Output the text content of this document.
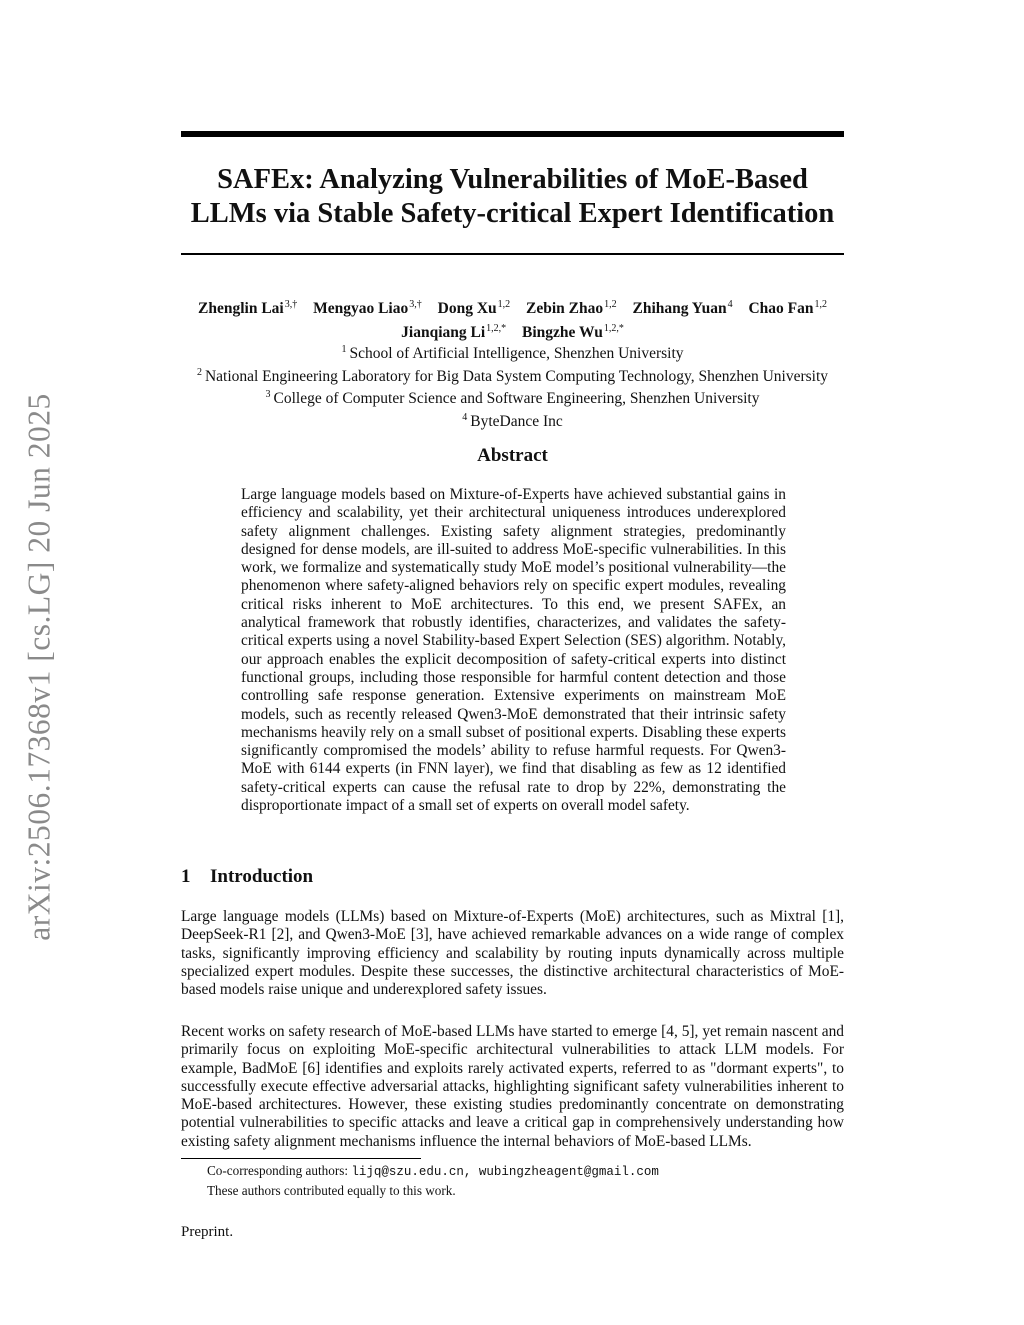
arXiv:2506.17368v1 [cs.LG] 20 Jun 2025
SAFEx: Analyzing Vulnerabilities of MoE-Based
LLMs via Stable Safety-critical Expert Identification
Zhenglin Lai$^{3,\dagger}$ Mengyao Liao$^{3,\dagger}$ Dong Xu$^{1,2}$ Zebin Zhao$^{1,2}$ Zhihang Yuan$^4$ Chao Fan$^{1,2}$
Jianqiang $Li^{1,2,*}$ Bingzhe $Wu^{1,2,*}$
$^1$ School of Artificial Intelligence, Shenzhen University
$^2$ National Engineering Laboratory for Big Data System Computing Technology, Shenzhen University
$^3$ College of Computer Science and Software Engineering, Shenzhen University
$^4$ ByteDance Inc
Abstract

Large language models based on Mixture-of-Experts have achieved substantial gains in efficiency and scalability, yet their architectural uniqueness introduces underexplored safety alignment challenges. Existing safety alignment strategies, predominantly designed for dense models, are ill-suited to address MoE-specific vulnerabilities. In this work, we formalize and systematically study MoE model’s positional vulnerability—the phenomenon where safety-aligned behaviors rely on specific expert modules, revealing critical risks inherent to MoE architectures. To this end, we present SAFEx, an analytical framework that robustly identifies, characterizes, and validates the safety-critical experts using a novel Stability-based Expert Selection (SES) algorithm. Notably, our approach enables the explicit decomposition of safety-critical experts into distinct functional groups, including those responsible for harmful content detection and those controlling safe response generation. Extensive experiments on mainstream MoE models, such as recently released Qwen3-MoE demonstrated that their intrinsic safety mechanisms heavily rely on a small subset of positional experts. Disabling these experts significantly compromised the models’ ability to refuse harmful requests. For Qwen3-MoE with 6144 experts (in FNN layer), we find that disabling as few as 12 identified safety-critical experts can cause the refusal rate to drop by 22%, demonstrating the disproportionate impact of a small set of experts on overall model safety.

1 Introduction

Large language models (LLMs) based on Mixture-of-Experts (MoE) architectures, such as Mixtral [1], DeepSeek-R1 [2], and Qwen3-MoE [3], have achieved remarkable advances on a wide range of complex tasks, significantly improving efficiency and scalability by routing inputs dynamically across multiple specialized expert modules. Despite these successes, the distinctive architectural characteristics of MoE-based models raise unique and underexplored safety issues.

Recent works on safety research of MoE-based LLMs have started to emerge [4, 5], yet remain nascent and primarily focus on exploiting MoE-specific architectural vulnerabilities to attack LLM models. For example, BadMoE [6] identifies and exploits rarely activated experts, referred to as "dormant experts", to successfully execute effective adversarial attacks, highlighting significant safety vulnerabilities inherent to MoE-based architectures. However, these existing studies predominantly concentrate on demonstrating potential vulnerabilities to specific attacks and leave a critical gap in comprehensively understanding how existing safety alignment mechanisms influence the internal behaviors of MoE-based LLMs.

Co-corresponding authors: lijq@szu.edu.cn, wubingzheagent@gmail.com
These authors contributed equally to this work.
Preprint.
